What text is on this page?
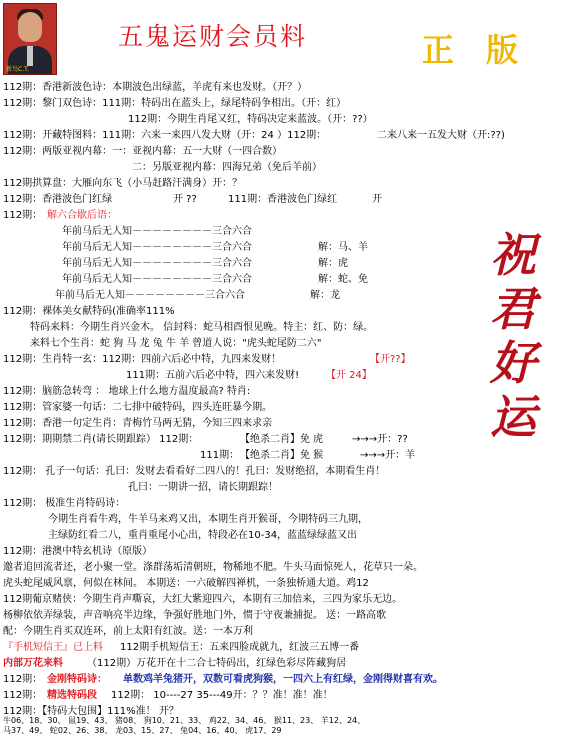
新鸟C.T.
五鬼运财会员料	正 版
祝
君
好
运
112期：香港新波色诗：本期波色出绿蓝，羊虎有来也发财。（开？）
112期：黎门双色诗：111期：特码出在蓝头上，绿尾特码争相出。（开：红）
112期：今期生肖尾又红，特码决定来蓝波。（开：??）
112期：开藏特图料：111期：六来一来四八发大财（开：24 ）112期：	二来八来一五发大财（开:??)
112期：两版亚视内幕：一：亚视内幕：五一大财（一四合数）
二：另版亚视内幕：四海兄弟（免后羊前）
112期拱算盘：大雁向东飞（小马赶路汗满身）开：？
112期：香港波色门红绿	开 ??	111期：香港波色门绿红	开
112期： 解六合歇后语：
年前马后无人知－－－－－－－－三合六合
年前马后无人知－－－－－－－－三合六合	解：马、羊
年前马后无人知－－－－－－－－三合六合	解：虎
年前马后无人知－－－－－－－－三合六合	解：蛇、免
年前马后无人知－－－－－－－－三合六合	解：龙
112期：裸体美女献特码(准确率111%
特码来料：今期生肖兴金木。 信封料：蛇马相酉恨见晚。特主：红、防：绿。
来料七个生肖：蛇 狗 马 龙 兔 牛 羊 曾道人说："虎头蛇尾防二六"
112期：生肖特一玄：112期：四前六后必中特，九四来发财！	【开??】
111期：五前六后必中特，四六来发财!	【开 24】
112期：脑筋急转弯 ： 地球上什么地方温度最高? 特肖:
112期：管家婆一句话：二七排中破特码，四头连旺暴今期。
112期：香港一句定生肖：青梅竹马两无猜，今知三四来求亲
112期：期期禁二肖(请长期跟踪） 112期：	【绝杀二肖】免 虎	→→→开：??
111期： 【绝杀二肖】免 猴	→→→开：羊
112期： 孔子一句话：孔曰：发财去看看好二四八的！孔曰：发财绝招，本期看生肖！
孔曰：一期讲一招，请长期跟踪！
112期： 极准生肖特码诗：
今期生肖看牛鸡，牛羊马来鸡又出，本期生肖开猴哥，今期特码三九期，
主绿防红看二八，重肖重尾小心出，特段必在10-34，蓝蓝绿绿蓝又出
112期：港澳中特玄机诗（原版）
邀者追回流者还，老小聚一堂。涤群荡垢清朝班，物稀地不肥。牛头马面惊死人，花草只一朵。
虎头蛇尾威风禀，何似在林间。 本期送：一六破解四禅机，一条独桥通大道。鸡12
112期葡京赌侠：今期生肖声嘶哀，大红大紫迎四六，本期有三加倍来，三四为家乐无边。
杨柳依依弄绿装，声音响亮半边缘，争强好胜地门外，惯于守夜兼捕捉。 送：一路高歌
配：今期生肖买双连环，前上太阳有红波。送：一本万利
『手机短信王』已上料 112期手机短信王：五来四脸成就九，红波三五博一番
内部万花来料 （112期）万花开在十二合七特码出，红绿色彩尽阵藏狗居
112期： 金刚特码诗： 单数鸡羊兔猪开，双数可看虎狗猴，一四六上有红绿，金刚得财喜有欢。
112期： 精选特码段 112期： 10----27 35---49开：？？准！准！准！
112期：【特码大包围】111%准！ 开？
牛06、18、30、 鼠19、43、 猪08、 狗10、21、33、 鸡22、34、46、 猴11、23、 羊12、24、
马37、49、 蛇02、26、38、 龙03、15、27、 兔04、16、40、 虎17、29
